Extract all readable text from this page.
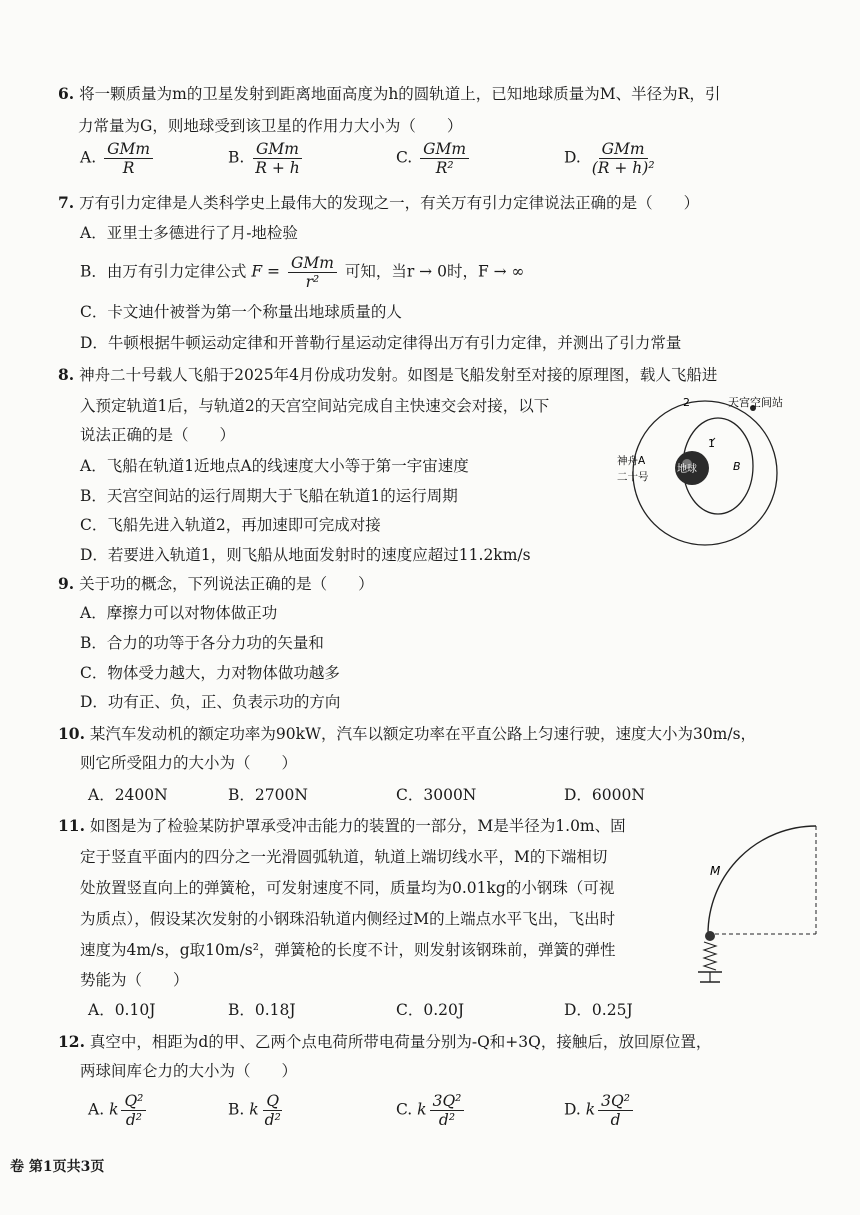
6. 将一颗质量为m的卫星发射到距离地面高度为h的圆轨道上，已知地球质量为M、半径为R，引
力常量为G，则地球受到该卫星的作用力大小为（　　）
A. $\frac{\text{GMm}}{R}$	B. $\frac{\text{GMm}}{R + h}$	C. $\frac{\text{GMm}}{\text{R²}}$	D. $\frac{\text{GMm}}{\text{(R + h)²}}$
7. 万有引力定律是人类科学史上最伟大的发现之一，有关万有引力定律说法正确的是（　　）
A．亚里士多德进行了月-地检验
B．由万有引力定律公式 $F = \frac{\text{GMm}}{\text{r²}}$ 可知，当r → 0时，F → ∞
C．卡文迪什被誉为第一个称量出地球质量的人
D．牛顿根据牛顿运动定律和开普勒行星运动定律得出万有引力定律，并测出了引力常量
8. 神舟二十号载人飞船于2025年4月份成功发射。如图是飞船发射至对接的原理图，载人飞船进
入预定轨道1后，与轨道2的天宫空间站完成自主快速交会对接，以下
说法正确的是（　　）
A．飞船在轨道1近地点A的线速度大小等于第一宇宙速度
B．天宫空间站的运行周期大于飞船在轨道1的运行周期
C．飞船先进入轨道2，再加速即可完成对接
D．若要进入轨道1，则飞船从地面发射时的速度应超过11.2km/s
2
1
天宫空间站
地球
神舟A
二十号
B
9. 关于功的概念，下列说法正确的是（　　）
A．摩擦力可以对物体做正功
B．合力的功等于各分力功的矢量和
C．物体受力越大，力对物体做功越多
D．功有正、负，正、负表示功的方向
10. 某汽车发动机的额定功率为90kW，汽车以额定功率在平直公路上匀速行驶，速度大小为30m/s，
则它所受阻力的大小为（　　）
A．2400N	B．2700N	C．3000N	D．6000N
11. 如图是为了检验某防护罩承受冲击能力的装置的一部分，M是半径为1.0m、固
定于竖直平面内的四分之一光滑圆弧轨道，轨道上端切线水平，M的下端相切
处放置竖直向上的弹簧枪，可发射速度不同，质量均为0.01kg的小钢珠（可视
为质点），假设某次发射的小钢珠沿轨道内侧经过M的上端点水平飞出，飞出时
速度为4m/s，g取10m/s²，弹簧枪的长度不计，则发射该钢珠前，弹簧的弹性
势能为（　　）
A．0.10J	B．0.18J	C．0.20J	D．0.25J
M
12. 真空中，相距为d的甲、乙两个点电荷所带电荷量分别为-Q和+3Q，接触后，放回原位置，
两球间库仑力的大小为（　　）
A. k $\frac{\text{Q²}}{\text{d²}}$	B. k $\frac{Q}{\text{d²}}$	C. k $\frac{\text{3Q²}}{\text{d²}}$	D. k $\frac{\text{3Q²}}{d}$
卷 第1页共3页
